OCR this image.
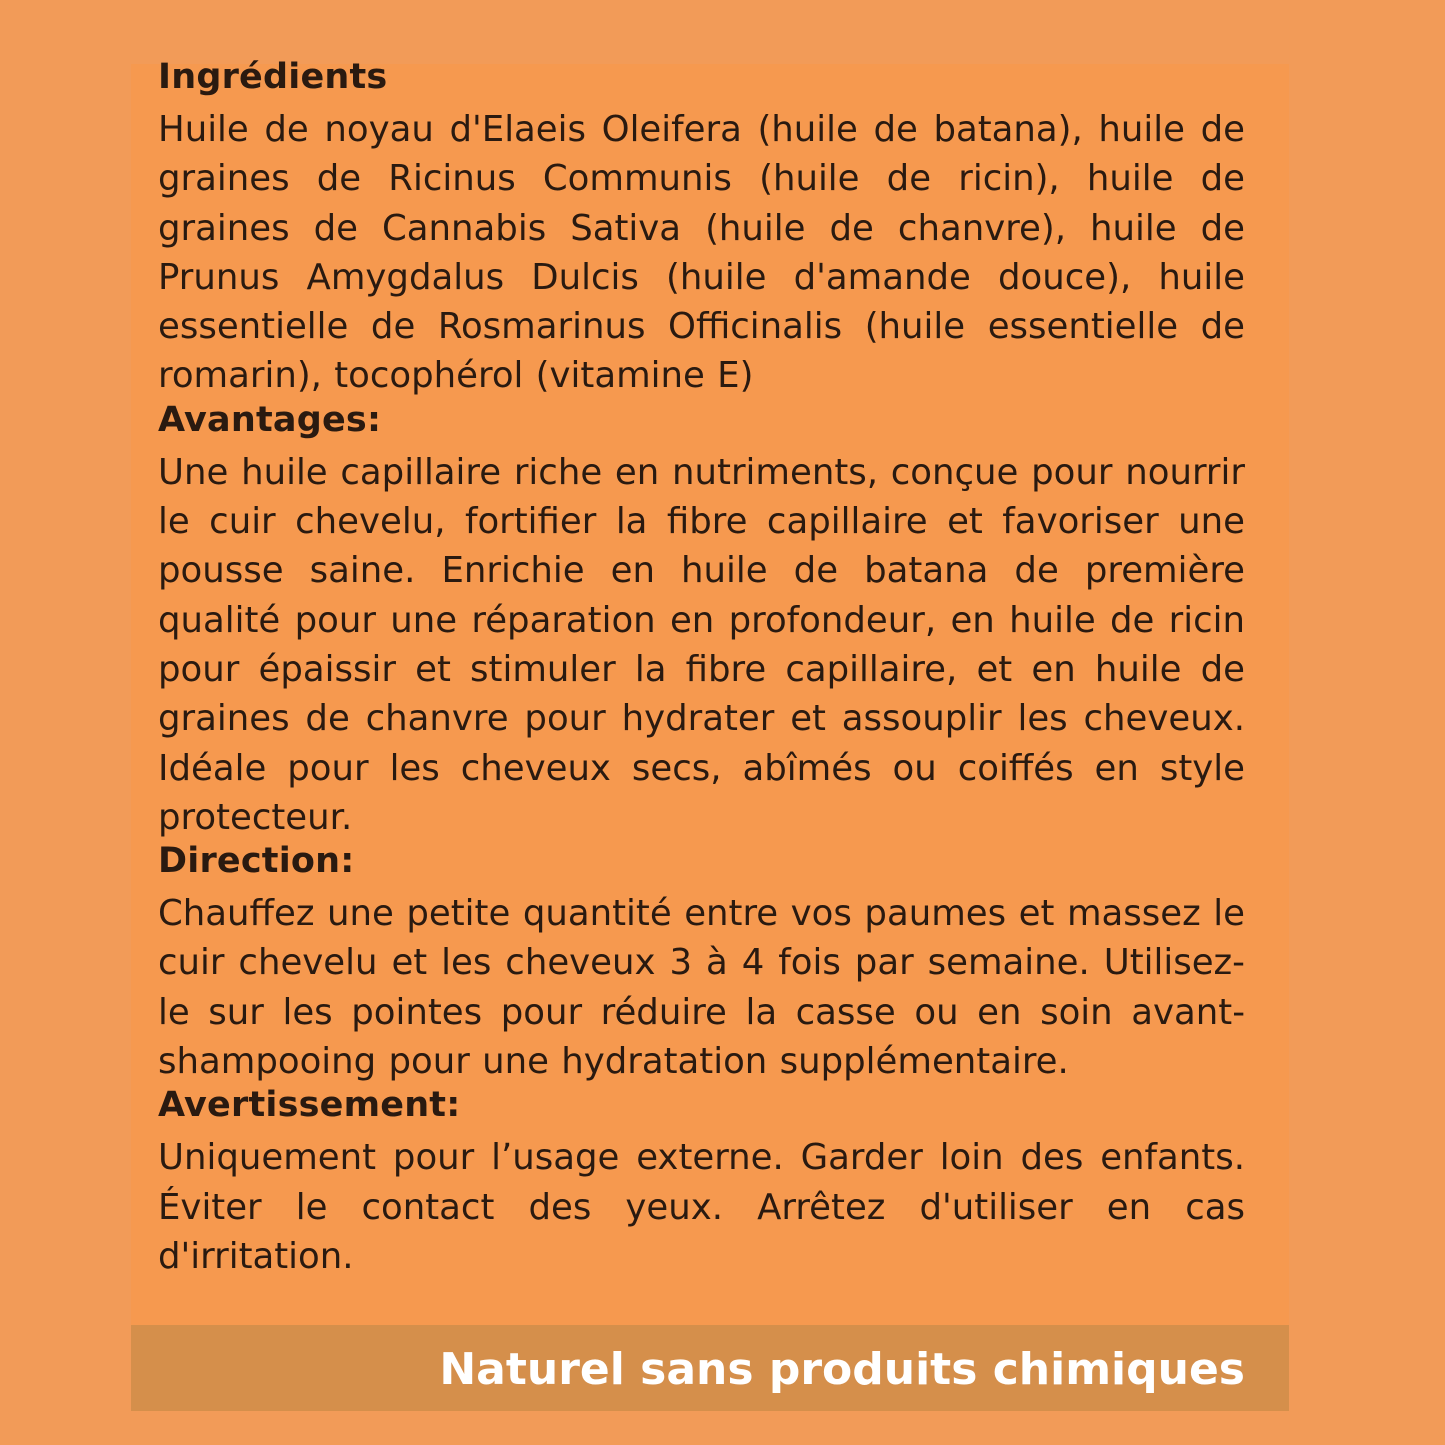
Ingrédients

Huile de noyau d'Elaeis Oleifera (huile de batana), huile de graines de Ricinus Communis (huile de ricin), huile de graines de Cannabis Sativa (huile de chanvre), huile de Prunus Amygdalus Dulcis (huile d'amande douce), huile essentielle de Rosmarinus Officinalis (huile essentielle de romarin), tocophérol (vitamine E)

Avantages:

Une huile capillaire riche en nutriments, conçue pour nourrir le cuir chevelu, fortifier la fibre capillaire et favoriser une pousse saine. Enrichie en huile de batana de première qualité pour une réparation en profondeur, en huile de ricin pour épaissir et stimuler la fibre capillaire, et en huile de graines de chanvre pour hydrater et assouplir les cheveux. Idéale pour les cheveux secs, abîmés ou coiffés en style protecteur.

Direction:

Chauffez une petite quantité entre vos paumes et massez le cuir chevelu et les cheveux 3 à 4 fois par semaine. Utilisez-le sur les pointes pour réduire la casse ou en soin avant-shampooing pour une hydratation supplémentaire.

Avertissement:

Uniquement pour l’usage externe. Garder loin des enfants. Éviter le contact des yeux. Arrêtez d'utiliser en cas d'irritation.

Naturel sans produits chimiques
